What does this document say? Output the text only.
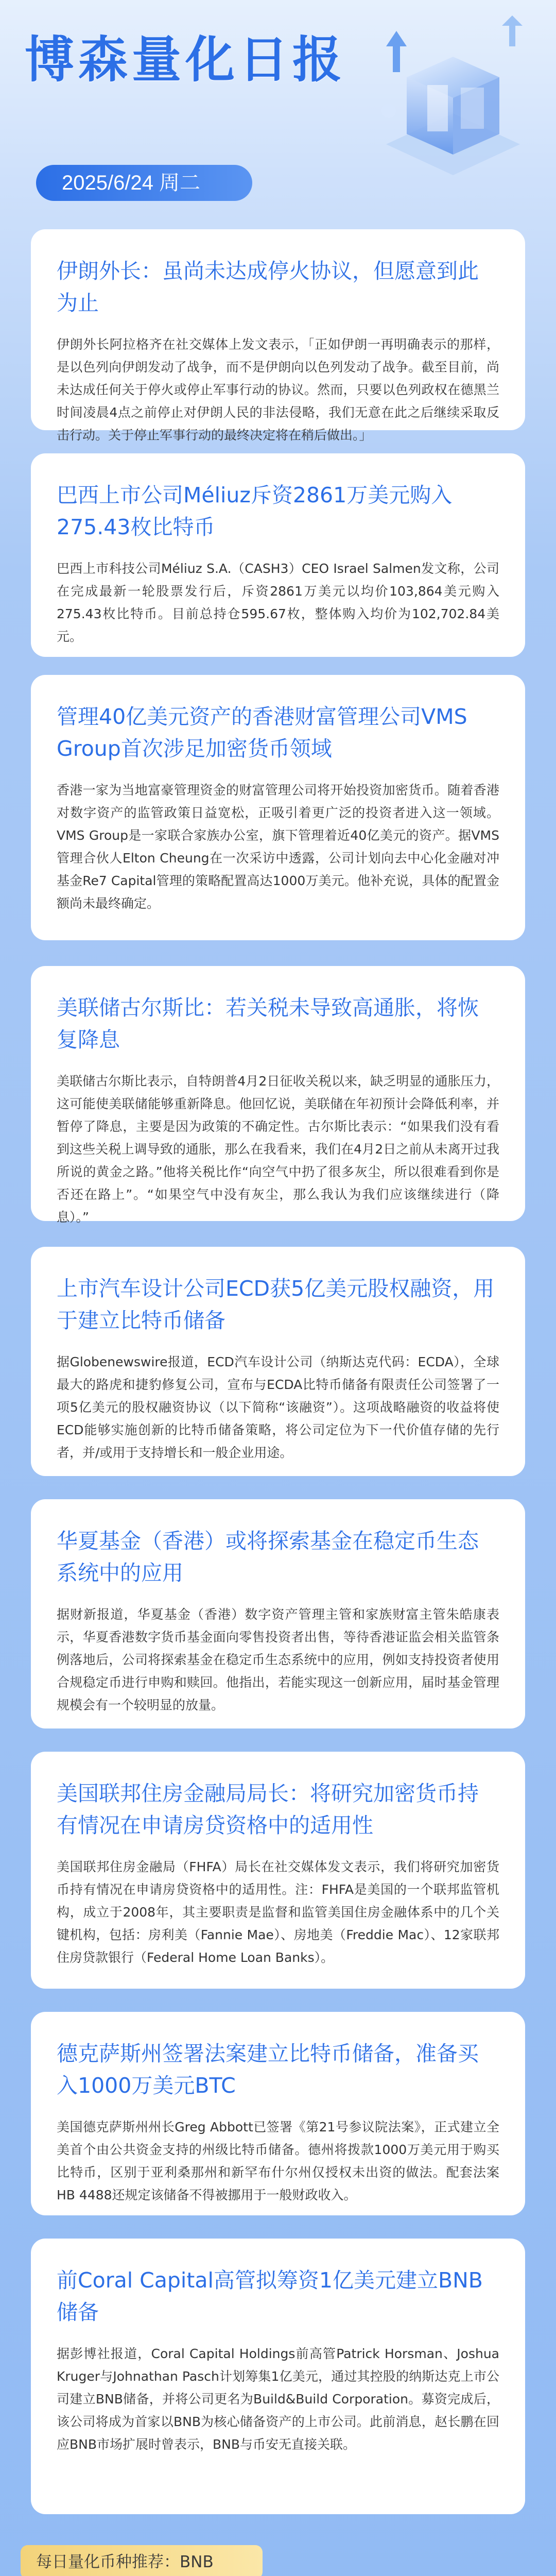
博森量化日报
2025/6/24 周二
伊朗外长：虽尚未达成停火协议，但愿意到此为止
伊朗外长阿拉格齐在社交媒体上发文表示，「正如伊朗一再明确表示的那样，是以色列向伊朗发动了战争，而不是伊朗向以色列发动了战争。截至目前，尚未达成任何关于停火或停止军事行动的协议。然而，只要以色列政权在德黑兰时间凌晨4点之前停止对伊朗人民的非法侵略，我们无意在此之后继续采取反击行动。关于停止军事行动的最终决定将在稍后做出。」
巴西上市公司Méliuz斥资2861万美元购入275.43枚比特币
巴西上市科技公司Méliuz S.A.（CASH3）CEO Israel Salmen发文称，公司在完成最新一轮股票发行后，斥资2861万美元以均价103,864美元购入275.43枚比特币。目前总持仓595.67枚，整体购入均价为102,702.84美元。
管理40亿美元资产的香港财富管理公司VMS Group首次涉足加密货币领域
香港一家为当地富豪管理资金的财富管理公司将开始投资加密货币。随着香港对数字资产的监管政策日益宽松，正吸引着更广泛的投资者进入这一领域。VMS Group是一家联合家族办公室，旗下管理着近40亿美元的资产。据VMS管理合伙人Elton Cheung在一次采访中透露，公司计划向去中心化金融对冲基金Re7 Capital管理的策略配置高达1000万美元。他补充说，具体的配置金额尚未最终确定。
美联储古尔斯比：若关税未导致高通胀，将恢复降息
美联储古尔斯比表示，自特朗普4月2日征收关税以来，缺乏明显的通胀压力，这可能使美联储能够重新降息。他回忆说，美联储在年初预计会降低利率，并暂停了降息，主要是因为政策的不确定性。古尔斯比表示：“如果我们没有看到这些关税上调导致的通胀，那么在我看来，我们在4月2日之前从未离开过我所说的黄金之路。”他将关税比作“向空气中扔了很多灰尘，所以很难看到你是否还在路上”。“如果空气中没有灰尘，那么我认为我们应该继续进行（降息）。”
上市汽车设计公司ECD获5亿美元股权融资，用于建立比特币储备
据Globenewswire报道，ECD汽车设计公司（纳斯达克代码：ECDA），全球最大的路虎和捷豹修复公司，宣布与ECDA比特币储备有限责任公司签署了一项5亿美元的股权融资协议（以下简称“该融资”）。这项战略融资的收益将使ECD能够实施创新的比特币储备策略，将公司定位为下一代价值存储的先行者，并/或用于支持增长和一般企业用途。
华夏基金（香港）或将探索基金在稳定币生态系统中的应用
据财新报道，华夏基金（香港）数字资产管理主管和家族财富主管朱皓康表示，华夏香港数字货币基金面向零售投资者出售，等待香港证监会相关监管条例落地后，公司将探索基金在稳定币生态系统中的应用，例如支持投资者使用合规稳定币进行申购和赎回。他指出，若能实现这一创新应用，届时基金管理规模会有一个较明显的放量。
美国联邦住房金融局局长：将研究加密货币持有情况在申请房贷资格中的适用性
美国联邦住房金融局（FHFA）局长在社交媒体发文表示，我们将研究加密货币持有情况在申请房贷资格中的适用性。注：FHFA是美国的一个联邦监管机构，成立于2008年，其主要职责是监督和监管美国住房金融体系中的几个关键机构，包括：房利美（Fannie Mae）、房地美（Freddie Mac）、12家联邦住房贷款银行（Federal Home Loan Banks）。
德克萨斯州签署法案建立比特币储备，准备买入1000万美元BTC
美国德克萨斯州州长Greg Abbott已签署《第21号参议院法案》，正式建立全美首个由公共资金支持的州级比特币储备。德州将拨款1000万美元用于购买比特币，区别于亚利桑那州和新罕布什尔州仅授权未出资的做法。配套法案HB 4488还规定该储备不得被挪用于一般财政收入。
前Coral Capital高管拟筹资1亿美元建立BNB储备
据彭博社报道，Coral Capital Holdings前高管Patrick Horsman、Joshua Kruger与Johnathan Pasch计划筹集1亿美元，通过其控股的纳斯达克上市公司建立BNB储备，并将公司更名为Build&Build Corporation。募资完成后，该公司将成为首家以BNB为核心储备资产的上市公司。此前消息，赵长鹏在回应BNB市场扩展时曾表示，BNB与币安无直接关联。
每日量化币种推荐：BNB
